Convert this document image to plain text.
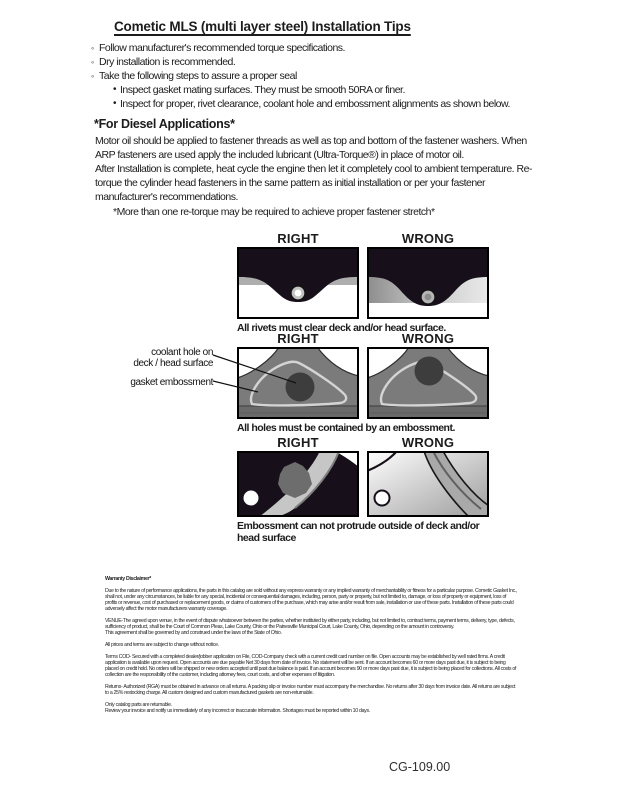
Cometic MLS (multi layer steel) Installation Tips
◦ Follow manufacturer's recommended torque specifications.
◦ Dry installation is recommended.
◦ Take the following steps to assure a proper seal
• Inspect gasket mating surfaces. They must be smooth 50RA or finer.
• Inspect for proper, rivet clearance, coolant hole and embossment alignments as shown below.
*For Diesel Applications*
Motor oil should be applied to fastener threads as well as top and bottom of the fastener washers. When ARP fasteners are used apply the included lubricant (Ultra-Torque®) in place of motor oil.
After Installation is complete, heat cycle the engine then let it completely cool to ambient temperature. Re-torque the cylinder head fasteners in the same pattern as initial installation or per your fastener manufacturer's recommendations.
*More than one re-torque may be required to achieve proper fastener stretch*
RIGHT	WRONG
All rivets must clear deck and/or head surface.
RIGHT	WRONG
All holes must be contained by an embossment.
coolant hole on
deck / head surface
gasket embossment
RIGHT	WRONG
Embossment can not protrude outside of deck and/or head surface

Warranty Disclaimer*

Due to the nature of performance applications, the parts in this catalog are sold without any express warranty or any implied warranty of merchantability or fitness for a particular purpose. Cometic Gasket Inc., shall not, under any circumstances, be liable for any special, incidental or consequential damages, including, person, party or property, but not limited to, damage, or loss of property or equipment, loss of profits or revenue, cost of purchased or replacement goods, or claims of customers of the purchase, which may arise and/or result from sale, installation or use of these parts. Installation of these parts could adversely affect the motor manufacturers warranty coverage.

VENUE-The agreed upon venue, in the event of dispute whatsoever between the parties, whether instituted by either party, including, but not limited to, contract terms, payment terms, delivery, type, defects, sufficiency of product, shall be the Court of Common Pleas, Lake County, Ohio or the Painesville Municipal Court, Lake County, Ohio, depending on the amount in controversy.

This agreement shall be governed by and construed under the laws of the State of Ohio.

All prices and terms are subject to change without notice.

Terms COD- Secured with a completed dealer/jobber application on File, COD-Company check with a current credit card number on file. Open accounts may be established by well rated firms. A credit application is available upon request. Open accounts are due payable Net 30 days from date of invoice. No statement will be sent. If an account becomes 60 or more days past due, it is subject to being placed on credit hold. No orders will be shipped or new orders accepted until past due balance is paid. If an account becomes 90 or more days past due, it is subject to being placed for collections. All costs of collection are the responsibility of the customer, including attorney fees, court costs, and other expenses of litigation.

Returns- Authorized (RGA) must be obtained in advance on all returns. A packing slip or invoice number must accompany the merchandise. No returns after 30 days from invoice date. All returns are subject to a 25% restocking charge. All custom designed and custom manufactured gaskets are non-returnable.

Only catalog parts are returnable.

Review your invoice and notify us immediately of any incorrect or inaccurate information. Shortages must be reported within 10 days.

CG-109.00
